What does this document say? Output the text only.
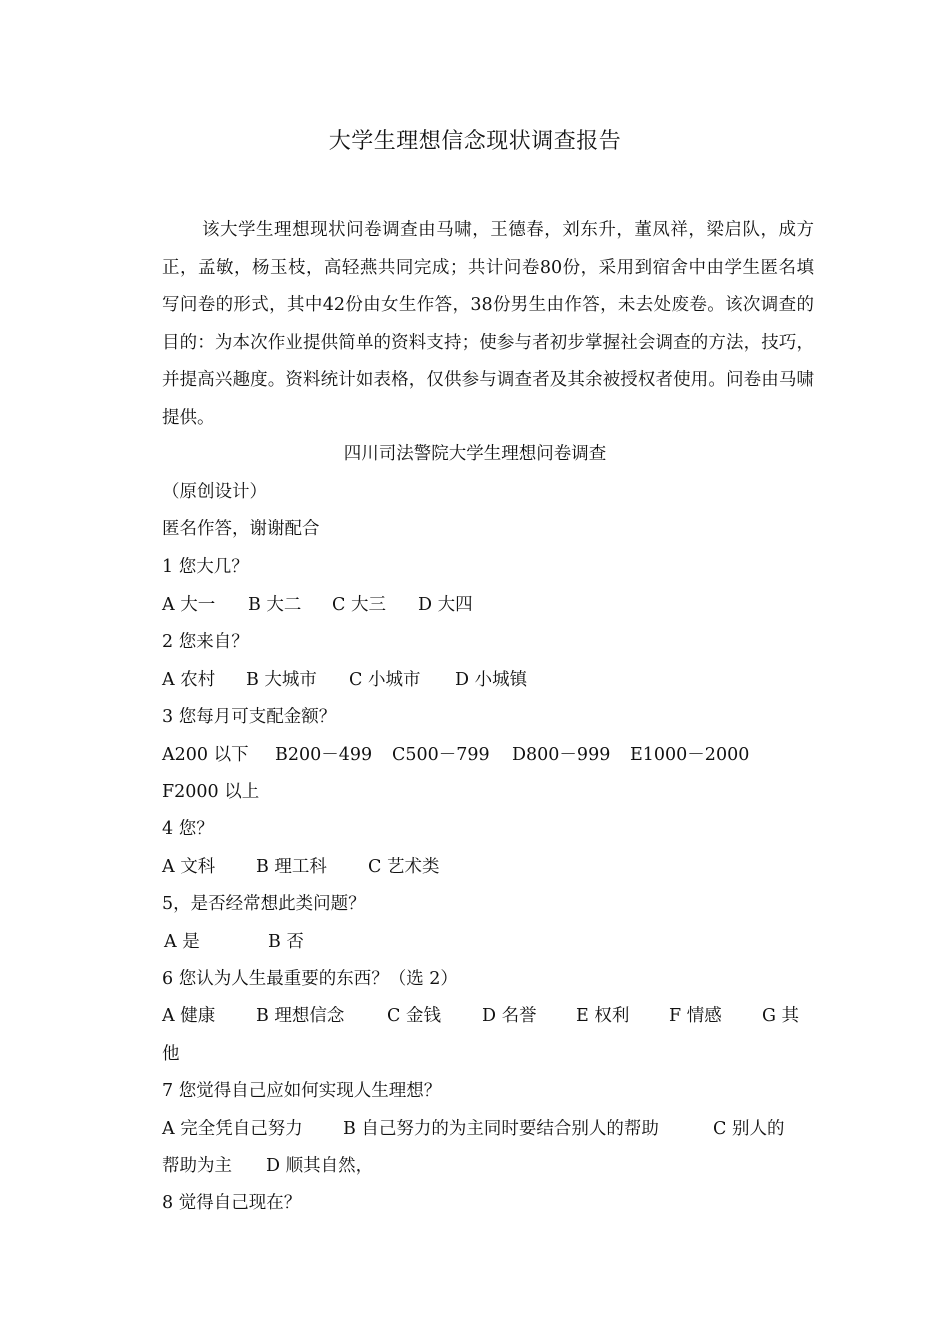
大学生理想信念现状调查报告

该大学生理想现状问卷调查由马啸，王德春，刘东升，董凤祥，梁启队，成方正，孟敏，杨玉枝，高轻燕共同完成；共计问卷80份，采用到宿舍中由学生匿名填写问卷的形式，其中42份由女生作答，38份男生由作答，未去处废卷。该次调查的目的：为本次作业提供简单的资料支持；使参与者初步掌握社会调查的方法，技巧，并提高兴趣度。资料统计如表格，仅供参与调查者及其余被授权者使用。问卷由马啸提供。

四川司法警院大学生理想问卷调查
（原创设计）
匿名作答，谢谢配合
1 您大几？
A 大一 B 大二 C 大三 D 大四
2 您来自？
A 农村 B 大城市 C 小城市 D 小城镇
3 您每月可支配金额？
A200 以下 B200－499 C500－799 D800－999 E1000－2000
F2000 以上
4 您？
A 文科 B 理工科 C 艺术类
5，是否经常想此类问题？
A 是	B 否
6 您认为人生最重要的东西？（选 2）
A 健康 B 理想信念 C 金钱 D 名誉 E 权利 F 情感 G 其
他
7 您觉得自己应如何实现人生理想？
A 完全凭自己努力 B 自己努力的为主同时要结合别人的帮助	C 别人的
帮助为主 D 顺其自然，
8 觉得自己现在？
